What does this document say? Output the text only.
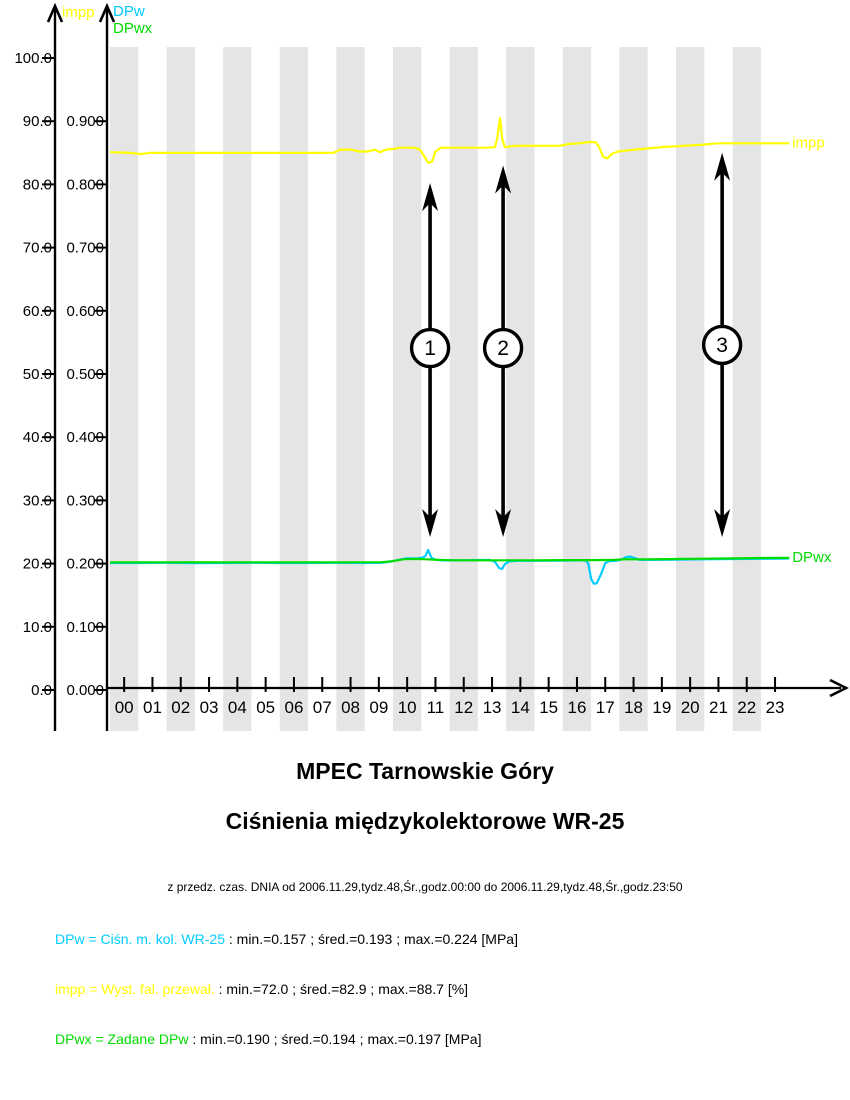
0.0
10.0
20.0
30.0
40.0
50.0
60.0
70.0
80.0
90.0
100.0
0.000
0.100
0.200
0.300
0.400
0.500
0.600
0.700
0.800
0.900
00 01 02 03 04 05 06 07 08 09 10 11 12 13 14 15 16 17 18 19 20 21 22 23
impp DPw
DPwx
impp
DPwx
1	2	3
MPEC Tarnowskie Góry
Ciśnienia międzykolektorowe WR-25
z przedz. czas. DNIA od 2006.11.29,tydz.48,Śr.,godz.00:00 do 2006.11.29,tydz.48,Śr.,godz.23:50
DPw = Ciśn. m. kol. WR-25 : min.=0.157 ; śred.=0.193 ; max.=0.224 [MPa]
impp = Wyst. fal. przewał. : min.=72.0 ; śred.=82.9 ; max.=88.7 [%]
DPwx = Zadane DPw : min.=0.190 ; śred.=0.194 ; max.=0.197 [MPa]
